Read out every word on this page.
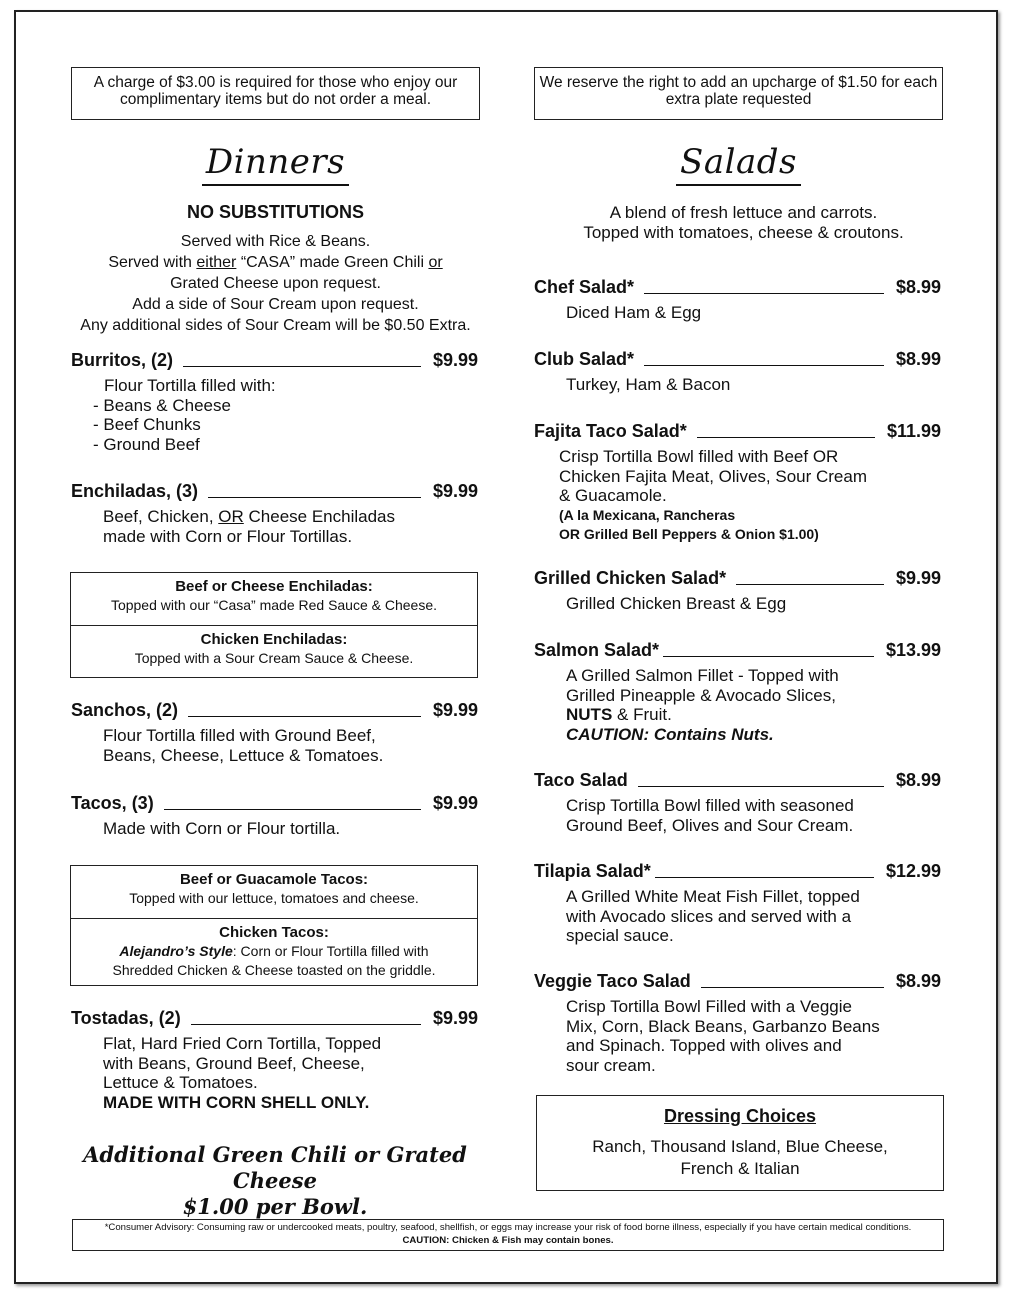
A charge of $3.00 is required for those who enjoy our complimentary items but do not order a meal.
We reserve the right to add an upcharge of $1.50 for each extra plate requested
Dinners
NO SUBSTITUTIONS
Served with Rice & Beans.
Served with either “CASA” made Green Chili or
Grated Cheese upon request.
Add a side of Sour Cream upon request.
Any additional sides of Sour Cream will be $0.50 Extra.
Burritos, (2)	$9.99
Flour Tortilla filled with:
- Beans & Cheese
- Beef Chunks
- Ground Beef
Enchiladas, (3)	$9.99
Beef, Chicken, OR Cheese Enchiladas
made with Corn or Flour Tortillas.
Beef or Cheese Enchiladas:
Topped with our “Casa” made Red Sauce & Cheese.
Chicken Enchiladas:
Topped with a Sour Cream Sauce & Cheese.
Sanchos, (2)	$9.99
Flour Tortilla filled with Ground Beef,
Beans, Cheese, Lettuce & Tomatoes.
Tacos, (3)	$9.99
Made with Corn or Flour tortilla.
Beef or Guacamole Tacos:
Topped with our lettuce, tomatoes and cheese.
Chicken Tacos:
Alejandro’s Style: Corn or Flour Tortilla filled with
Shredded Chicken & Cheese toasted on the griddle.
Tostadas, (2)	$9.99
Flat, Hard Fried Corn Tortilla, Topped
with Beans, Ground Beef, Cheese,
Lettuce & Tomatoes.
MADE WITH CORN SHELL ONLY.
Additional Green Chili or Grated Cheese
$1.00 per Bowl.
Salads
A blend of fresh lettuce and carrots.
Topped with tomatoes, cheese & croutons.
Chef Salad*	$8.99
Diced Ham & Egg
Club Salad*	$8.99
Turkey, Ham & Bacon
Fajita Taco Salad*	$11.99
Crisp Tortilla Bowl filled with Beef OR
Chicken Fajita Meat, Olives, Sour Cream
& Guacamole.
(A la Mexicana, Rancheras
OR Grilled Bell Peppers & Onion $1.00)
Grilled Chicken Salad*	$9.99
Grilled Chicken Breast & Egg
Salmon Salad*	$13.99
A Grilled Salmon Fillet - Topped with
Grilled Pineapple & Avocado Slices,
NUTS & Fruit.
CAUTION: Contains Nuts.
Taco Salad	$8.99
Crisp Tortilla Bowl filled with seasoned
Ground Beef, Olives and Sour Cream.
Tilapia Salad*	$12.99
A Grilled White Meat Fish Fillet, topped
with Avocado slices and served with a
special sauce.
Veggie Taco Salad	$8.99
Crisp Tortilla Bowl Filled with a Veggie
Mix, Corn, Black Beans, Garbanzo Beans
and Spinach. Topped with olives and
sour cream.
Dressing Choices
Ranch, Thousand Island, Blue Cheese,
French & Italian
*Consumer Advisory: Consuming raw or undercooked meats, poultry, seafood, shellfish, or eggs may increase your risk of food borne illness, especially if you have certain medical conditions.
CAUTION: Chicken & Fish may contain bones.
